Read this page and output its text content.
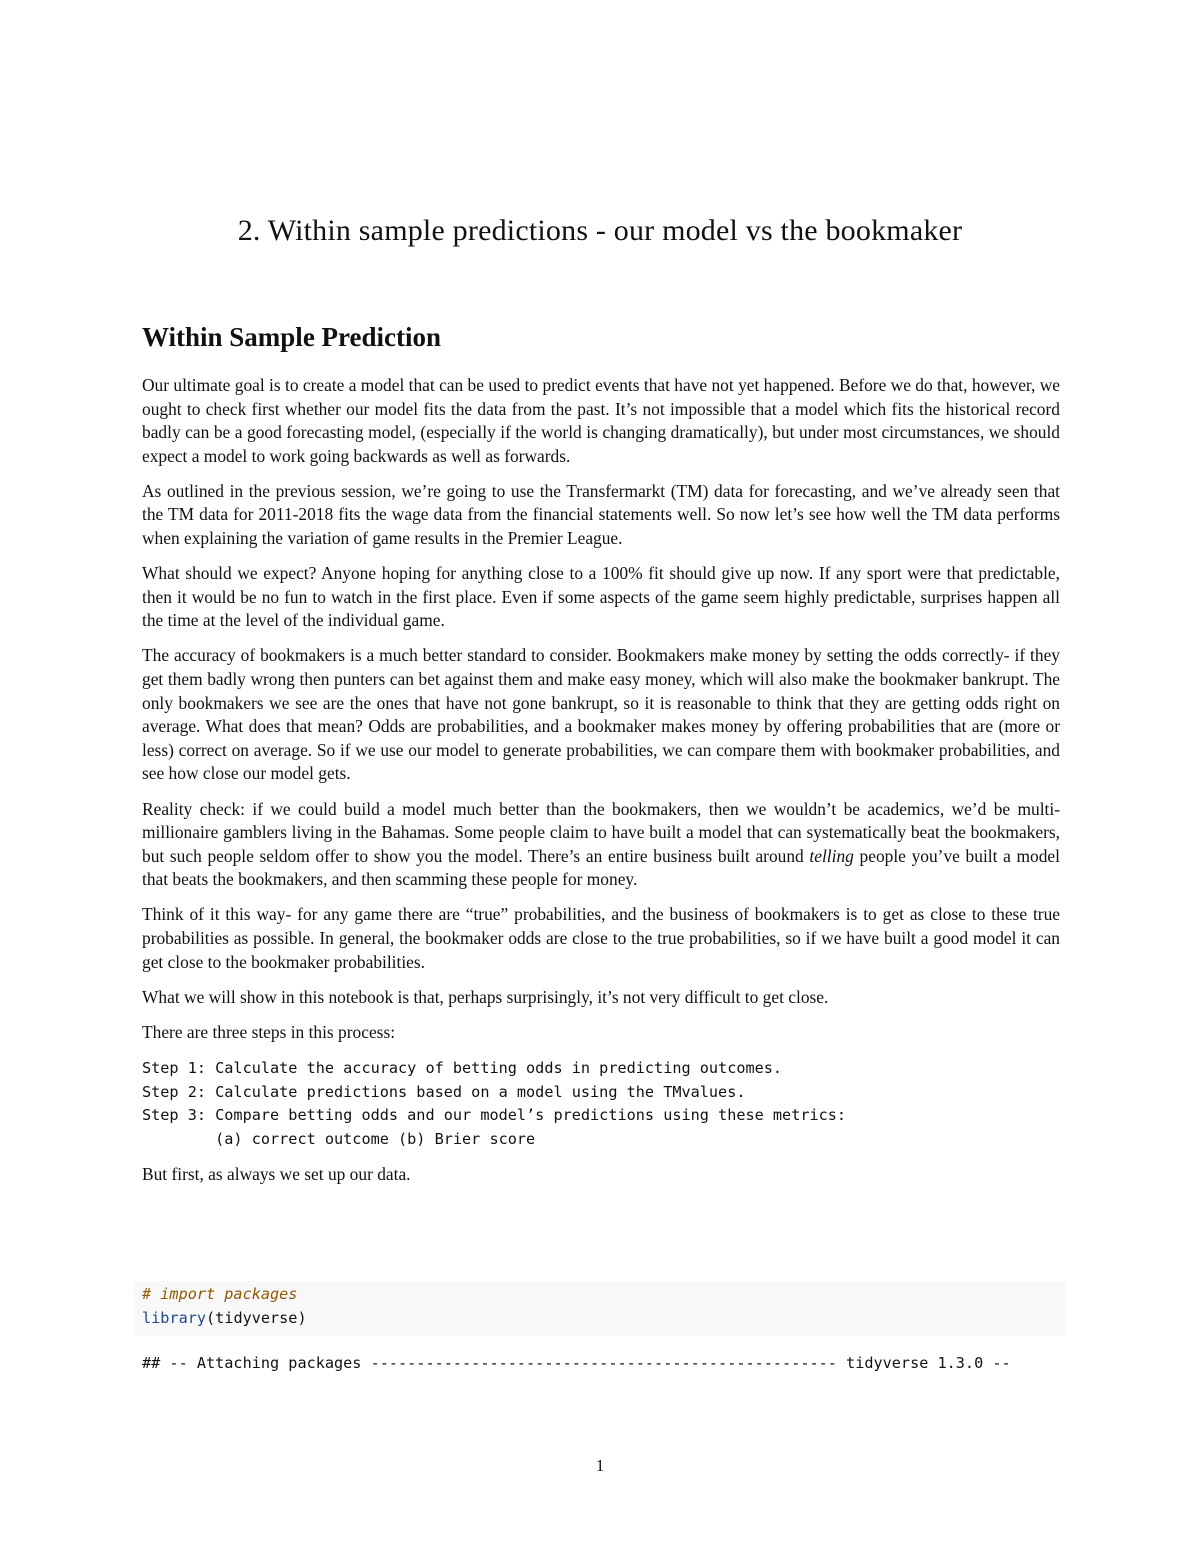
2. Within sample predictions - our model vs the bookmaker
Within Sample Prediction

Our ultimate goal is to create a model that can be used to predict events that have not yet happened. Before we do that, however, we ought to check first whether our model fits the data from the past. It’s not impossible that a model which fits the historical record badly can be a good forecasting model, (especially if the world is changing dramatically), but under most circumstances, we should expect a model to work going backwards as well as forwards.

As outlined in the previous session, we’re going to use the Transfermarkt (TM) data for forecasting, and we’ve already seen that the TM data for 2011-2018 fits the wage data from the financial statements well. So now let’s see how well the TM data performs when explaining the variation of game results in the Premier League.

What should we expect? Anyone hoping for anything close to a 100% fit should give up now. If any sport were that predictable, then it would be no fun to watch in the first place. Even if some aspects of the game seem highly predictable, surprises happen all the time at the level of the individual game.

The accuracy of bookmakers is a much better standard to consider. Bookmakers make money by setting the odds correctly- if they get them badly wrong then punters can bet against them and make easy money, which will also make the bookmaker bankrupt. The only bookmakers we see are the ones that have not gone bankrupt, so it is reasonable to think that they are getting odds right on average. What does that mean? Odds are probabilities, and a bookmaker makes money by offering probabilities that are (more or less) correct on average. So if we use our model to generate probabilities, we can compare them with bookmaker probabilities, and see how close our model gets.

Reality check: if we could build a model much better than the bookmakers, then we wouldn’t be academics, we’d be multi-millionaire gamblers living in the Bahamas. Some people claim to have built a model that can systematically beat the bookmakers, but such people seldom offer to show you the model. There’s an entire business built around telling people you’ve built a model that beats the bookmakers, and then scamming these people for money.

Think of it this way- for any game there are “true” probabilities, and the business of bookmakers is to get as close to these true probabilities as possible. In general, the bookmaker odds are close to the true probabilities, so if we have built a good model it can get close to the bookmaker probabilities.

What we will show in this notebook is that, perhaps surprisingly, it’s not very difficult to get close.

There are three steps in this process:

Step 1: Calculate the accuracy of betting odds in predicting outcomes.
Step 2: Calculate predictions based on a model using the TMvalues.
Step 3: Compare betting odds and our model’s predictions using these metrics:
(a) correct outcome (b) Brier score

But first, as always we set up our data.

# import packages
library(tidyverse)
## -- Attaching packages --------------------------------------------------- tidyverse 1.3.0 --
1
